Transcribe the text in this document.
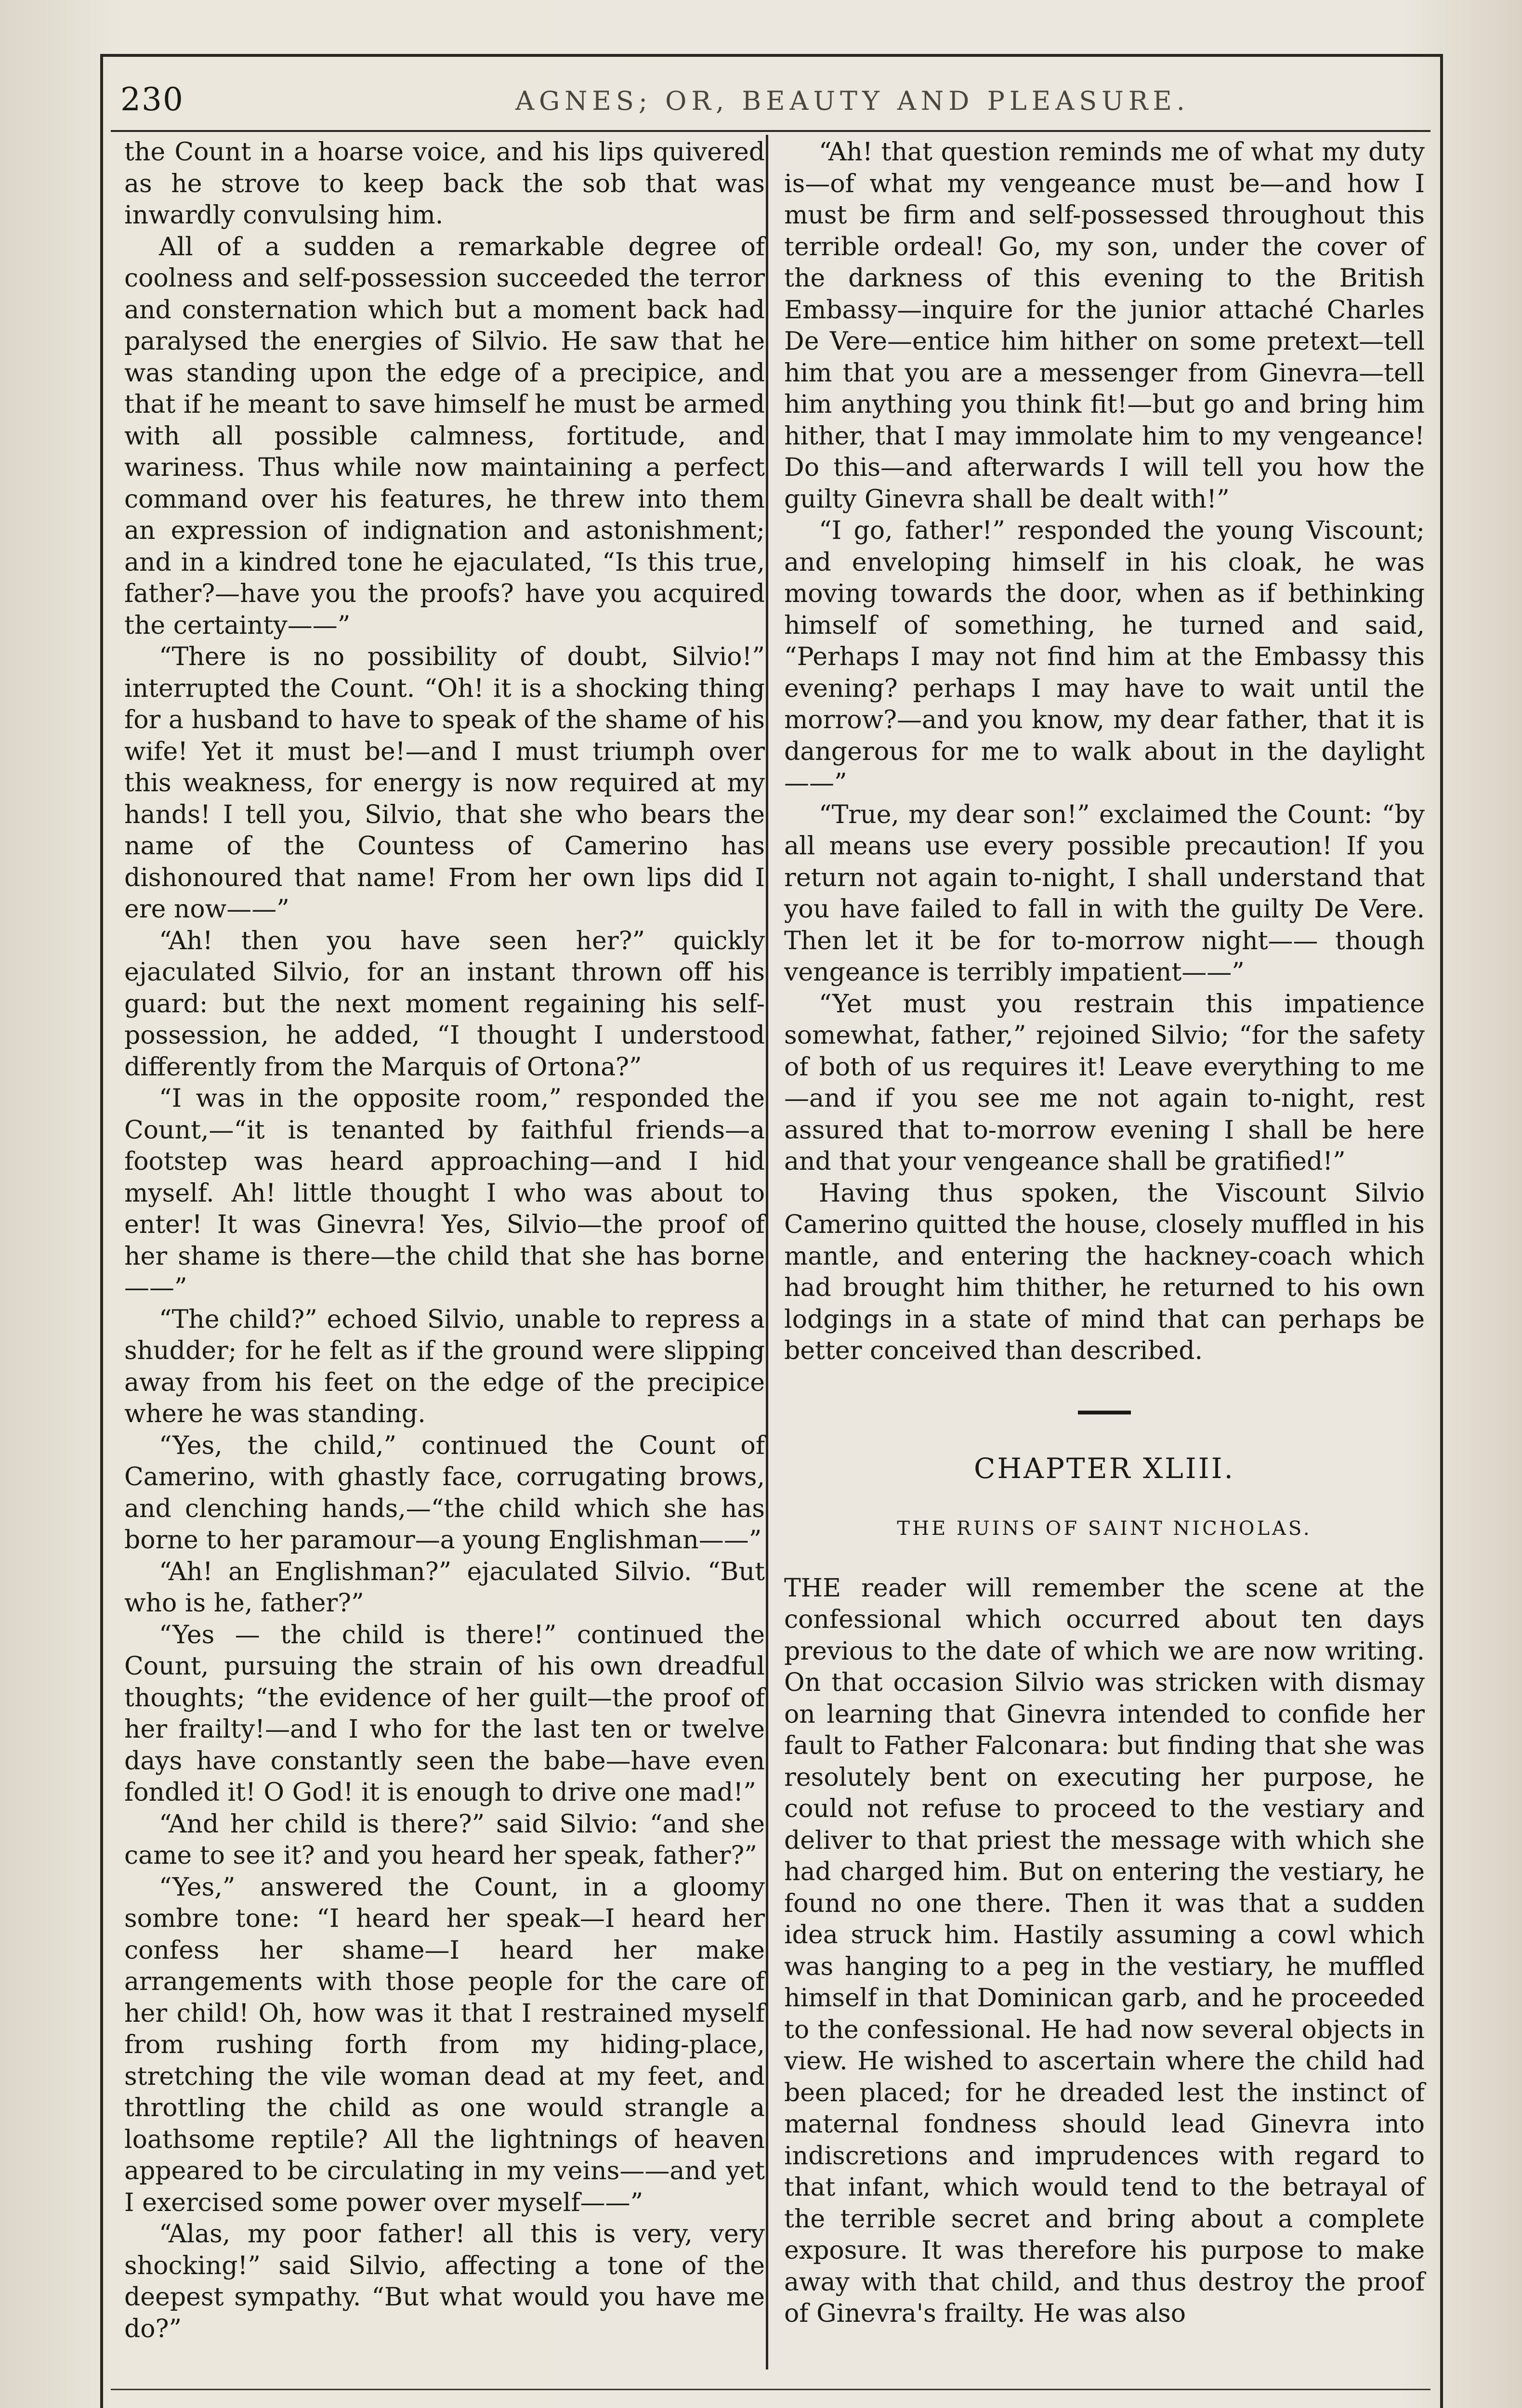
230	AGNES; OR, BEAUTY AND PLEASURE.

the Count in a hoarse voice, and his lips quivered as he strove to keep back the sob that was inwardly convulsing him.

All of a sudden a remarkable degree of coolness and self-possession succeeded the terror and consternation which but a moment back had paralysed the energies of Silvio. He saw that he was standing upon the edge of a precipice, and that if he meant to save himself he must be armed with all possible calmness, fortitude, and wariness. Thus while now maintaining a perfect command over his features, he threw into them an expression of indignation and astonishment; and in a kindred tone he ejaculated, “Is this true, father?—have you the proofs? have you acquired the certainty——”

“There is no possibility of doubt, Silvio!” interrupted the Count. “Oh! it is a shocking thing for a husband to have to speak of the shame of his wife! Yet it must be!—and I must triumph over this weakness, for energy is now required at my hands! I tell you, Silvio, that she who bears the name of the Countess of Camerino has dishonoured that name! From her own lips did I ere now——”

“Ah! then you have seen her?” quickly ejaculated Silvio, for an instant thrown off his guard: but the next moment regaining his self-possession, he added, “I thought I understood differently from the Marquis of Ortona?”

“I was in the opposite room,” responded the Count,—“it is tenanted by faithful friends—a footstep was heard approaching—and I hid myself. Ah! little thought I who was about to enter! It was Ginevra! Yes, Silvio—the proof of her shame is there—the child that she has borne——”

“The child?” echoed Silvio, unable to repress a shudder; for he felt as if the ground were slipping away from his feet on the edge of the precipice where he was standing.

“Yes, the child,” continued the Count of Camerino, with ghastly face, corrugating brows, and clenching hands,—“the child which she has borne to her paramour—a young Englishman——”

“Ah! an Englishman?” ejaculated Silvio. “But who is he, father?”

“Yes — the child is there!” continued the Count, pursuing the strain of his own dreadful thoughts; “the evidence of her guilt—the proof of her frailty!—and I who for the last ten or twelve days have constantly seen the babe—have even fondled it! O God! it is enough to drive one mad!”

“And her child is there?” said Silvio: “and she came to see it? and you heard her speak, father?”

“Yes,” answered the Count, in a gloomy sombre tone: “I heard her speak—I heard her confess her shame—I heard her make arrangements with those people for the care of her child! Oh, how was it that I restrained myself from rushing forth from my hiding-place, stretching the vile woman dead at my feet, and throttling the child as one would strangle a loathsome reptile? All the lightnings of heaven appeared to be circulating in my veins——and yet I exercised some power over myself——”

“Alas, my poor father! all this is very, very shocking!” said Silvio, affecting a tone of the deepest sympathy. “But what would you have me do?”

“Ah! that question reminds me of what my duty is—of what my vengeance must be—and how I must be firm and self-possessed throughout this terrible ordeal! Go, my son, under the cover of the darkness of this evening to the British Embassy—inquire for the junior attaché Charles De Vere—entice him hither on some pretext—tell him that you are a messenger from Ginevra—tell him anything you think fit!—but go and bring him hither, that I may immolate him to my vengeance! Do this—and afterwards I will tell you how the guilty Ginevra shall be dealt with!”

“I go, father!” responded the young Viscount; and enveloping himself in his cloak, he was moving towards the door, when as if bethinking himself of something, he turned and said, “Perhaps I may not find him at the Embassy this evening? perhaps I may have to wait until the morrow?—and you know, my dear father, that it is dangerous for me to walk about in the daylight——”

“True, my dear son!” exclaimed the Count: “by all means use every possible precaution! If you return not again to-night, I shall understand that you have failed to fall in with the guilty De Vere. Then let it be for to-morrow night—— though vengeance is terribly impatient——”

“Yet must you restrain this impatience somewhat, father,” rejoined Silvio; “for the safety of both of us requires it! Leave everything to me —and if you see me not again to-night, rest assured that to-morrow evening I shall be here and that your vengeance shall be gratified!”

Having thus spoken, the Viscount Silvio Camerino quitted the house, closely muffled in his mantle, and entering the hackney-coach which had brought him thither, he returned to his own lodgings in a state of mind that can perhaps be better conceived than described.

CHAPTER XLIII.
THE RUINS OF SAINT NICHOLAS.

THE reader will remember the scene at the confessional which occurred about ten days previous to the date of which we are now writing. On that occasion Silvio was stricken with dismay on learning that Ginevra intended to confide her fault to Father Falconara: but finding that she was resolutely bent on executing her purpose, he could not refuse to proceed to the vestiary and deliver to that priest the message with which she had charged him. But on entering the vestiary, he found no one there. Then it was that a sudden idea struck him. Hastily assuming a cowl which was hanging to a peg in the vestiary, he muffled himself in that Dominican garb, and he proceeded to the confessional. He had now several objects in view. He wished to ascertain where the child had been placed; for he dreaded lest the instinct of maternal fondness should lead Ginevra into indiscretions and imprudences with regard to that infant, which would tend to the betrayal of the terrible secret and bring about a complete exposure. It was therefore his purpose to make away with that child, and thus destroy the proof of Ginevra's frailty. He was also
